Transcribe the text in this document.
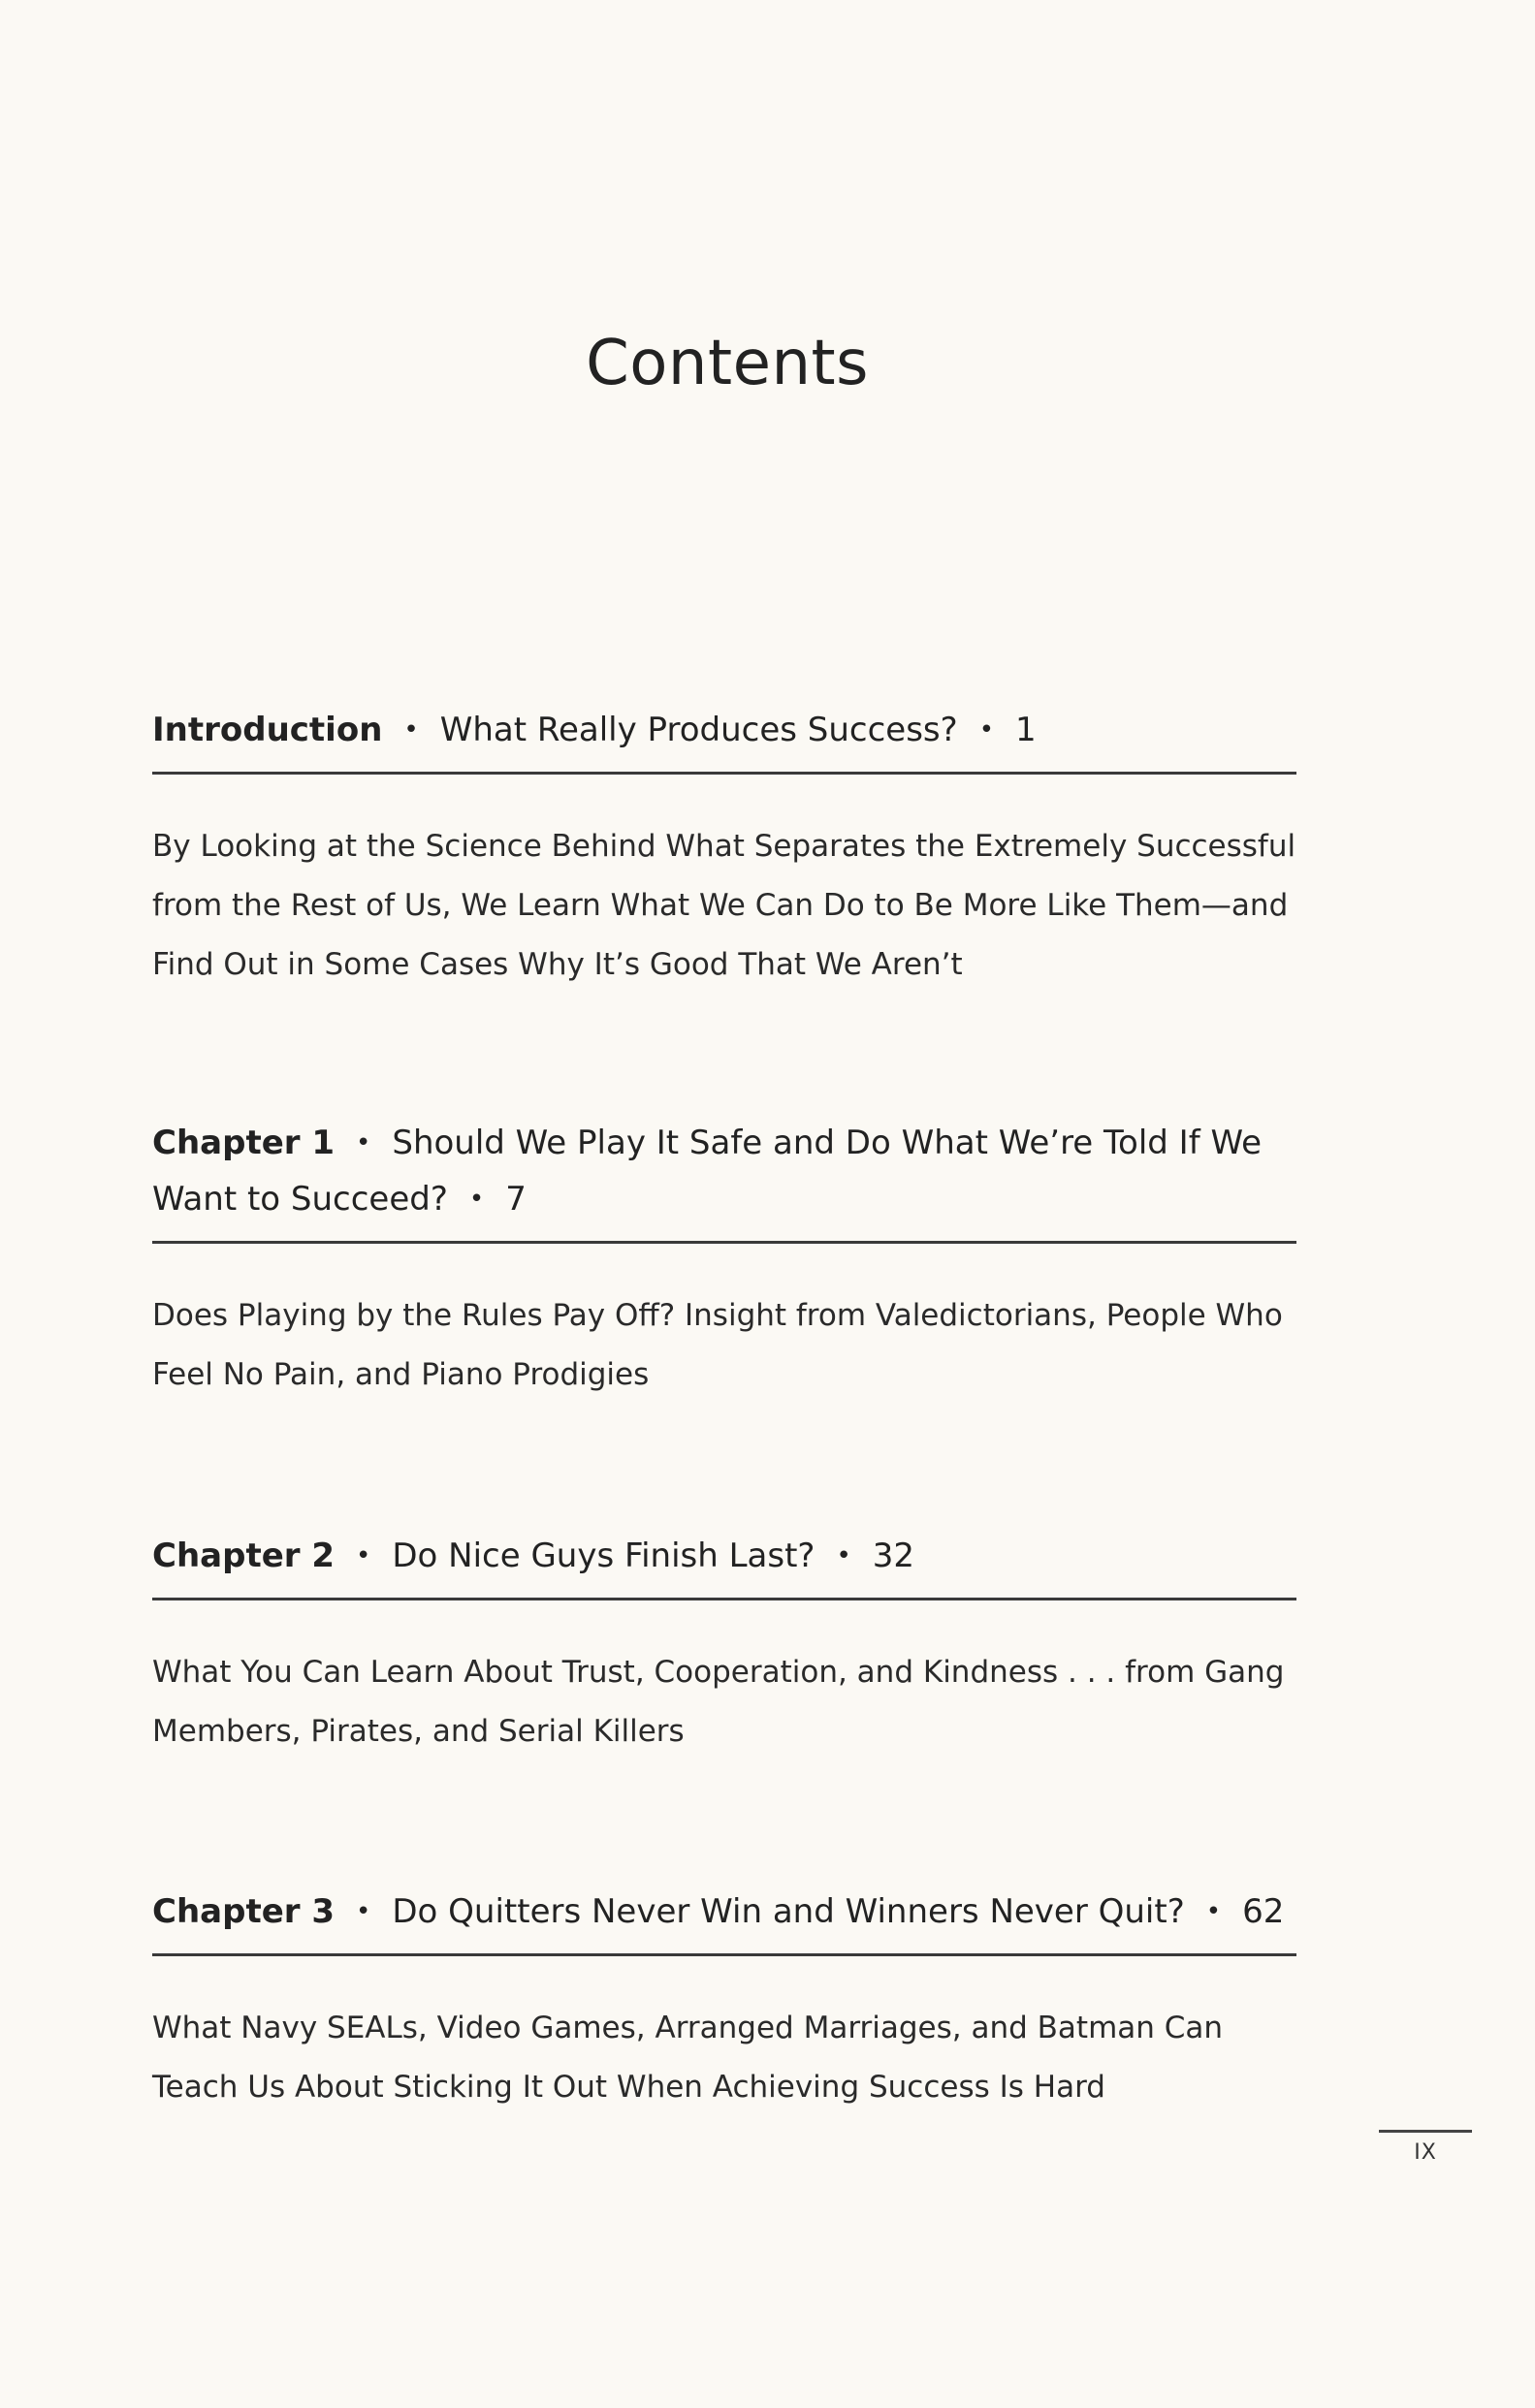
Contents

Introduction • What Really Produces Success? • 1

By Looking at the Science Behind What Separates the Extremely Successful from the Rest of Us, We Learn What We Can Do to Be More Like Them—and Find Out in Some Cases Why It’s Good That We Aren’t

Chapter 1 • Should We Play It Safe and Do What We’re Told If We Want to Succeed? • 7

Does Playing by the Rules Pay Off? Insight from Valedictorians, People Who Feel No Pain, and Piano Prodigies

Chapter 2 • Do Nice Guys Finish Last? • 32

What You Can Learn About Trust, Cooperation, and Kindness . . . from Gang Members, Pirates, and Serial Killers

Chapter 3 • Do Quitters Never Win and Winners Never Quit? • 62

What Navy SEALs, Video Games, Arranged Marriages, and Batman Can Teach Us About Sticking It Out When Achieving Success Is Hard

IX
